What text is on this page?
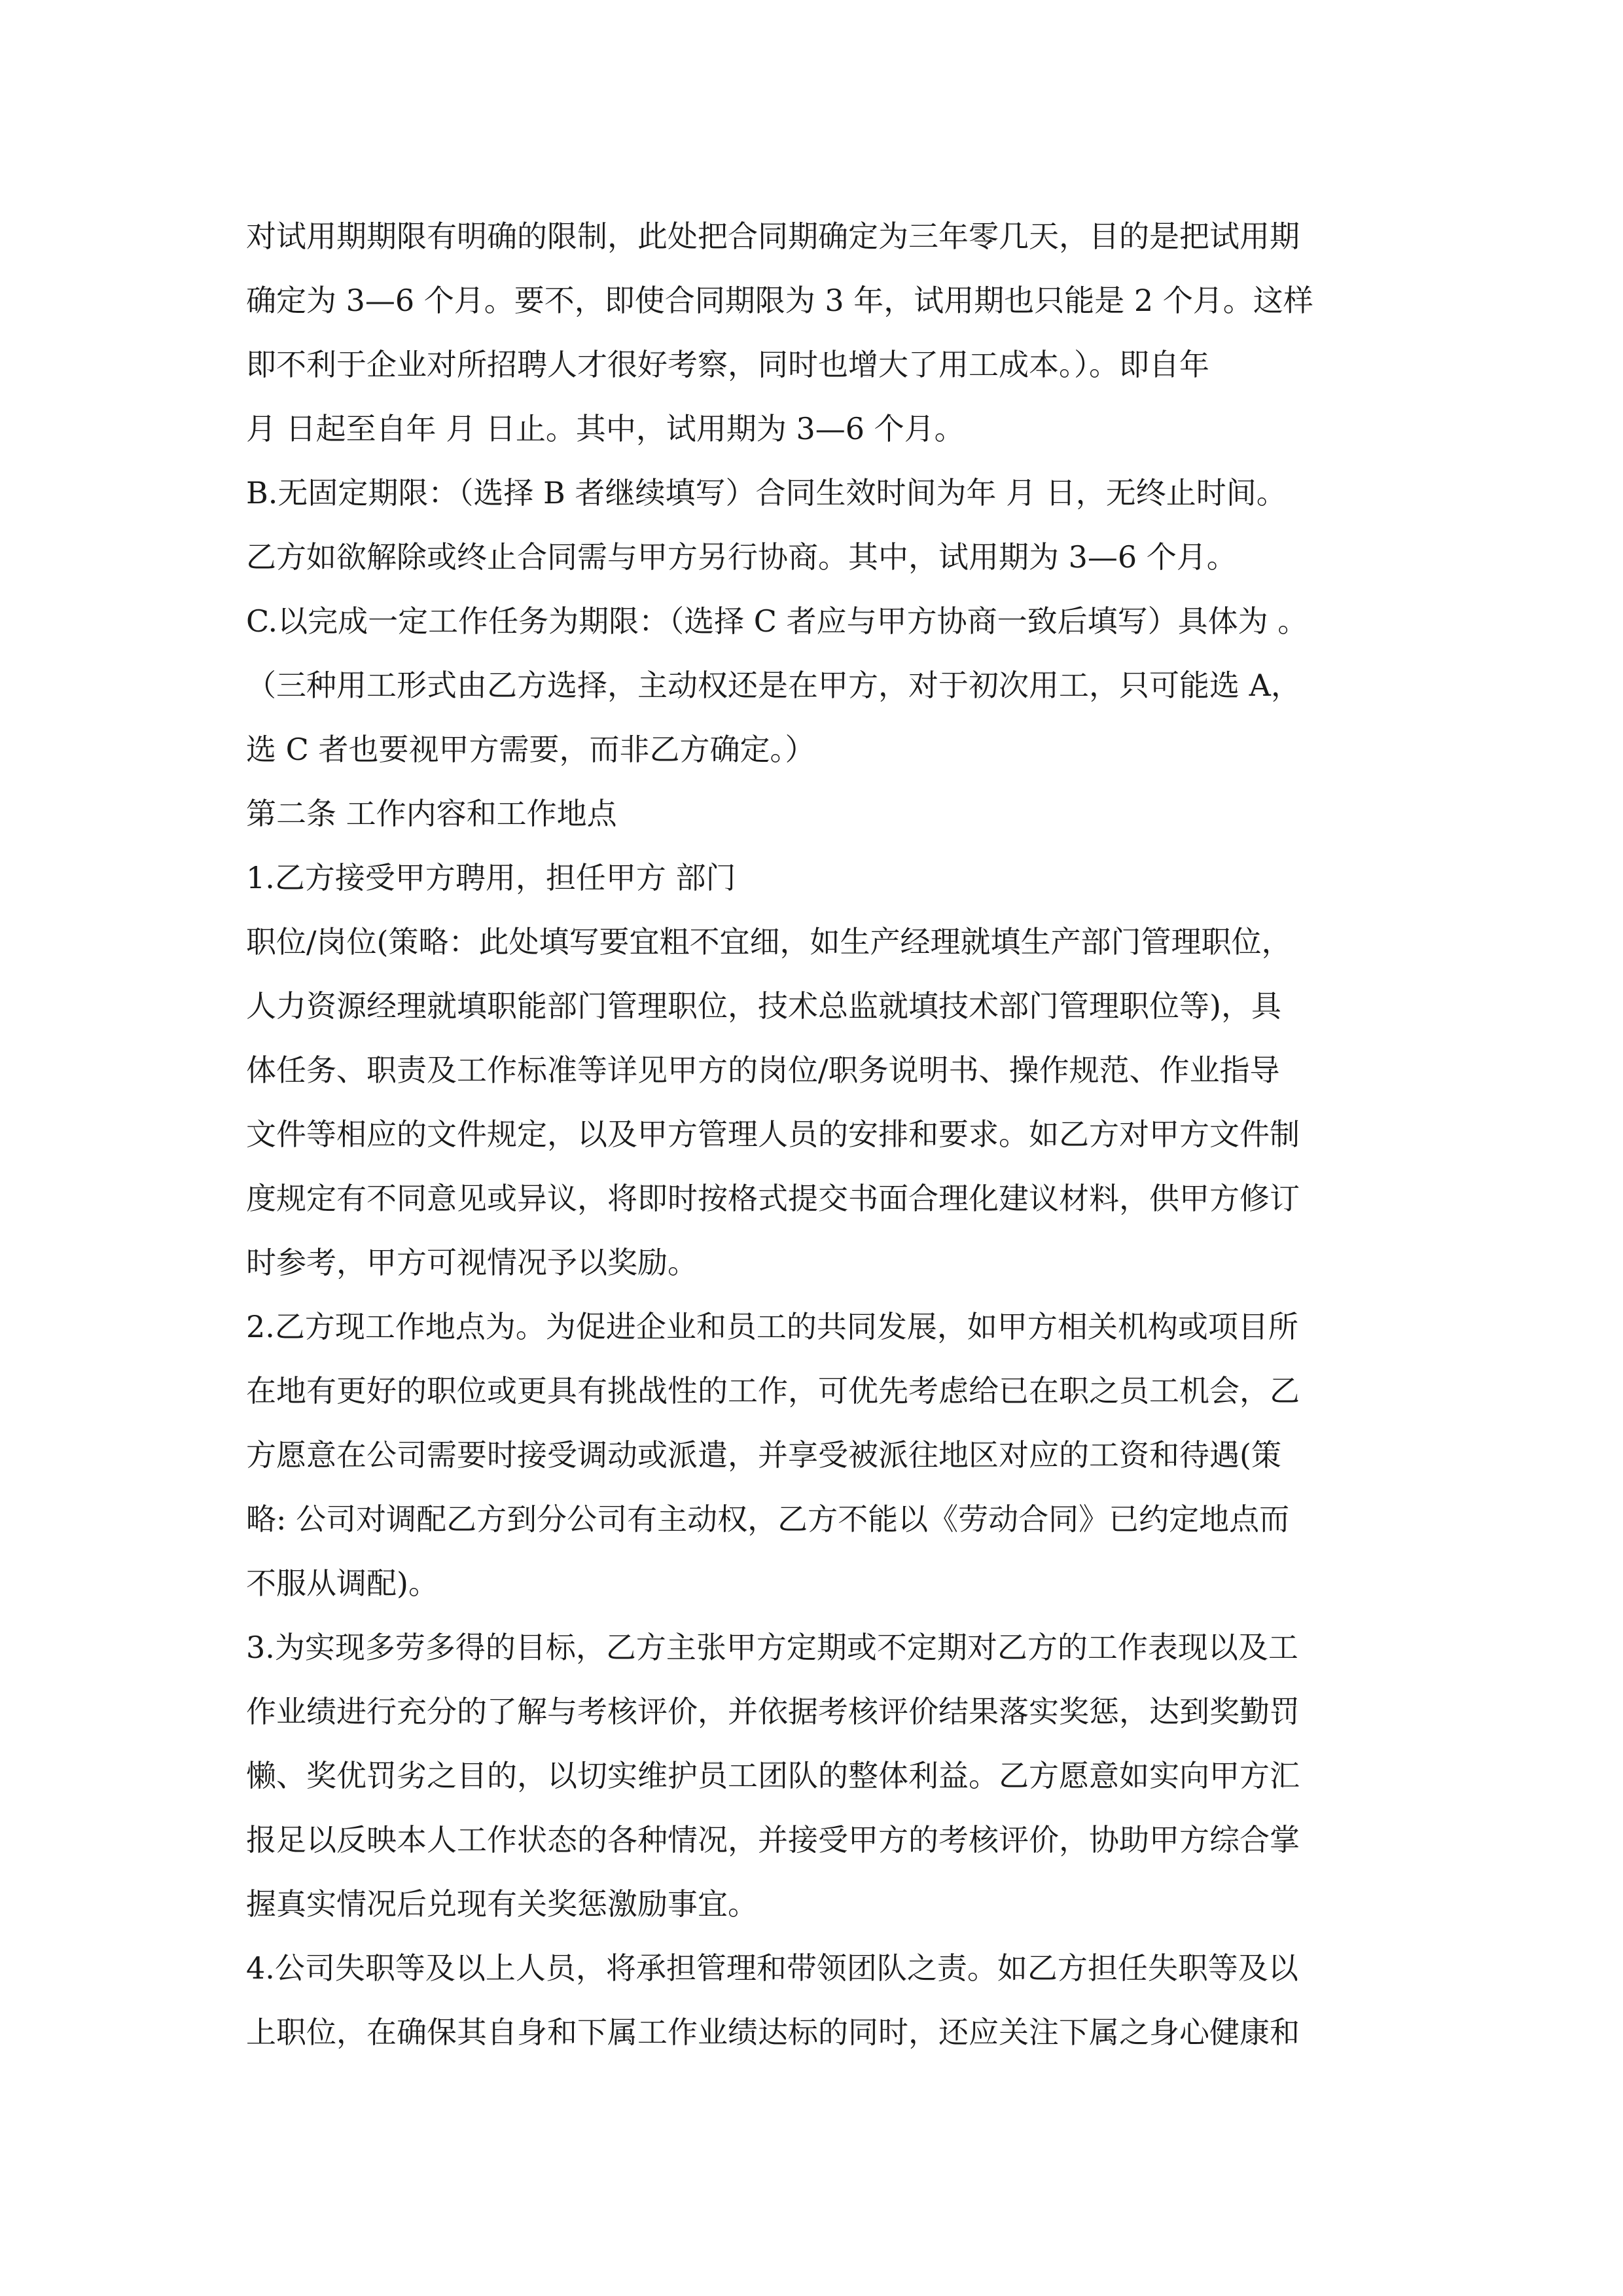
对试用期期限有明确的限制，此处把合同期确定为三年零几天，目的是把试用期
确定为 3—6 个月。要不，即使合同期限为 3 年，试用期也只能是 2 个月。这样
即不利于企业对所招聘人才很好考察，同时也增大了用工成本。）。即自年
月 日起至自年 月 日止。其中，试用期为 3—6 个月。
B.无固定期限：（选择 B 者继续填写）合同生效时间为年 月 日，无终止时间。
乙方如欲解除或终止合同需与甲方另行协商。其中，试用期为 3—6 个月。
C.以完成一定工作任务为期限：（选择 C 者应与甲方协商一致后填写）具体为 。
（三种用工形式由乙方选择，主动权还是在甲方，对于初次用工，只可能选 A，
选 C 者也要视甲方需要，而非乙方确定。）
第二条 工作内容和工作地点
1.乙方接受甲方聘用，担任甲方 部门
职位/岗位(策略：此处填写要宜粗不宜细，如生产经理就填生产部门管理职位，
人力资源经理就填职能部门管理职位，技术总监就填技术部门管理职位等)，具
体任务、职责及工作标准等详见甲方的岗位/职务说明书、操作规范、作业指导
文件等相应的文件规定，以及甲方管理人员的安排和要求。如乙方对甲方文件制
度规定有不同意见或异议，将即时按格式提交书面合理化建议材料，供甲方修订
时参考，甲方可视情况予以奖励。
2.乙方现工作地点为。为促进企业和员工的共同发展，如甲方相关机构或项目所
在地有更好的职位或更具有挑战性的工作，可优先考虑给已在职之员工机会，乙
方愿意在公司需要时接受调动或派遣，并享受被派往地区对应的工资和待遇(策
略: 公司对调配乙方到分公司有主动权，乙方不能以《劳动合同》已约定地点而
不服从调配)。
3.为实现多劳多得的目标，乙方主张甲方定期或不定期对乙方的工作表现以及工
作业绩进行充分的了解与考核评价，并依据考核评价结果落实奖惩，达到奖勤罚
懒、奖优罚劣之目的，以切实维护员工团队的整体利益。乙方愿意如实向甲方汇
报足以反映本人工作状态的各种情况，并接受甲方的考核评价，协助甲方综合掌
握真实情况后兑现有关奖惩激励事宜。
4.公司失职等及以上人员，将承担管理和带领团队之责。如乙方担任失职等及以
上职位，在确保其自身和下属工作业绩达标的同时，还应关注下属之身心健康和
